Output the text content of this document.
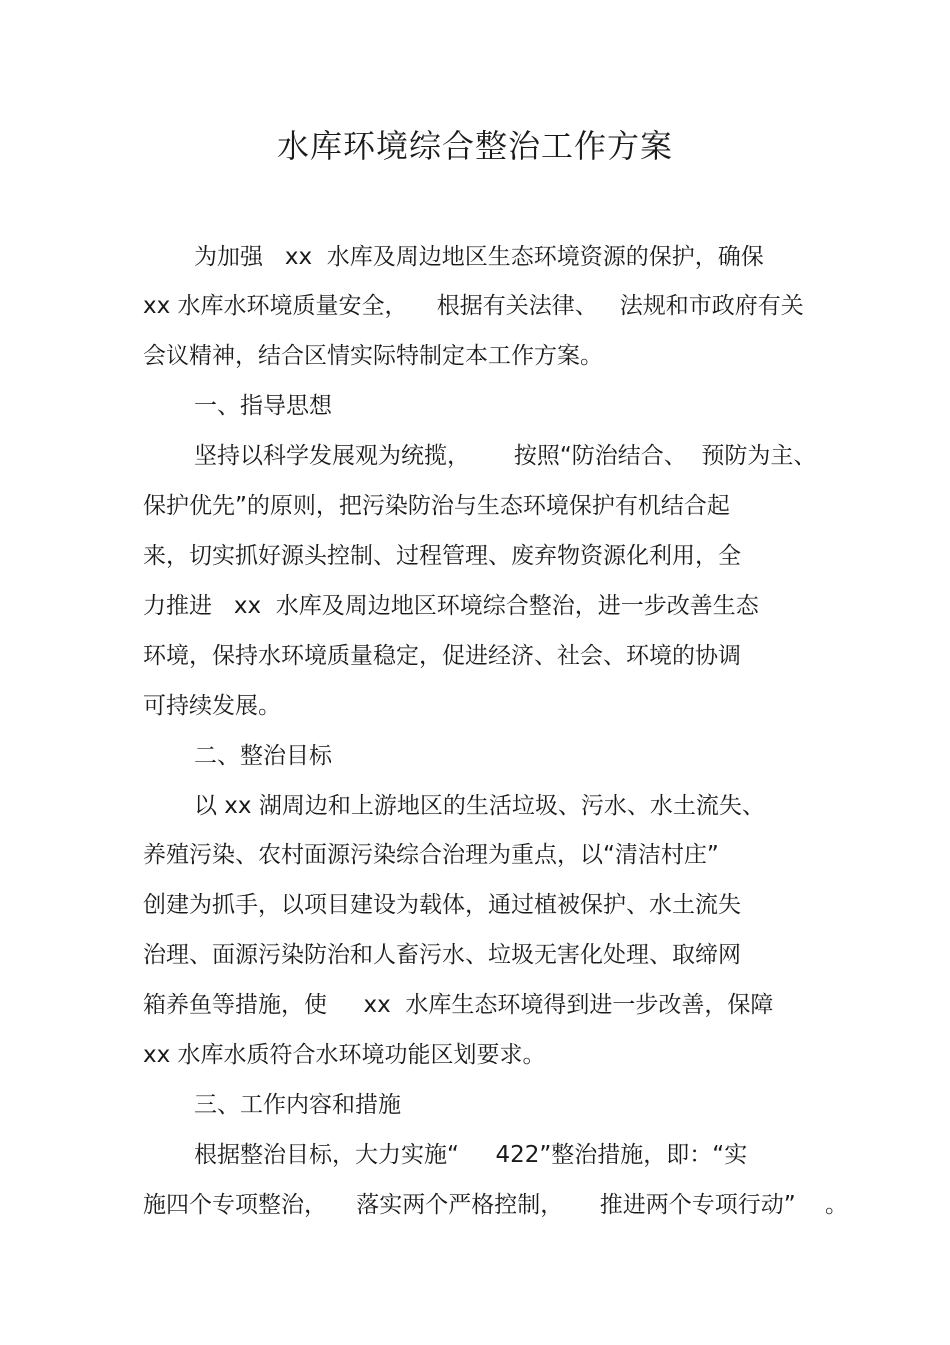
水库环境综合整治工作方案
为加强   xx  水库及周边地区生态环境资源的保护，确保
xx 水库水环境质量安全，    根据有关法律、   法规和市政府有关
会议精神，结合区情实际特制定本工作方案。
一、指导思想
坚持以科学发展观为统揽，      按照“防治结合、  预防为主、
保护优先”的原则，把污染防治与生态环境保护有机结合起
来，切实抓好源头控制、过程管理、废弃物资源化利用，全
力推进   xx  水库及周边地区环境综合整治，进一步改善生态
环境，保持水环境质量稳定，促进经济、社会、环境的协调
可持续发展。
二、整治目标
以 xx 湖周边和上游地区的生活垃圾、污水、水土流失、
养殖污染、农村面源污染综合治理为重点，以“清洁村庄”
创建为抓手，以项目建设为载体，通过植被保护、水土流失
治理、面源污染防治和人畜污水、垃圾无害化处理、取缔网
箱养鱼等措施，使     xx  水库生态环境得到进一步改善，保障
xx 水库水质符合水环境功能区划要求。
三、工作内容和措施
根据整治目标，大力实施“     422”整治措施，即：“实
施四个专项整治，    落实两个严格控制，     推进两个专项行动”    。
